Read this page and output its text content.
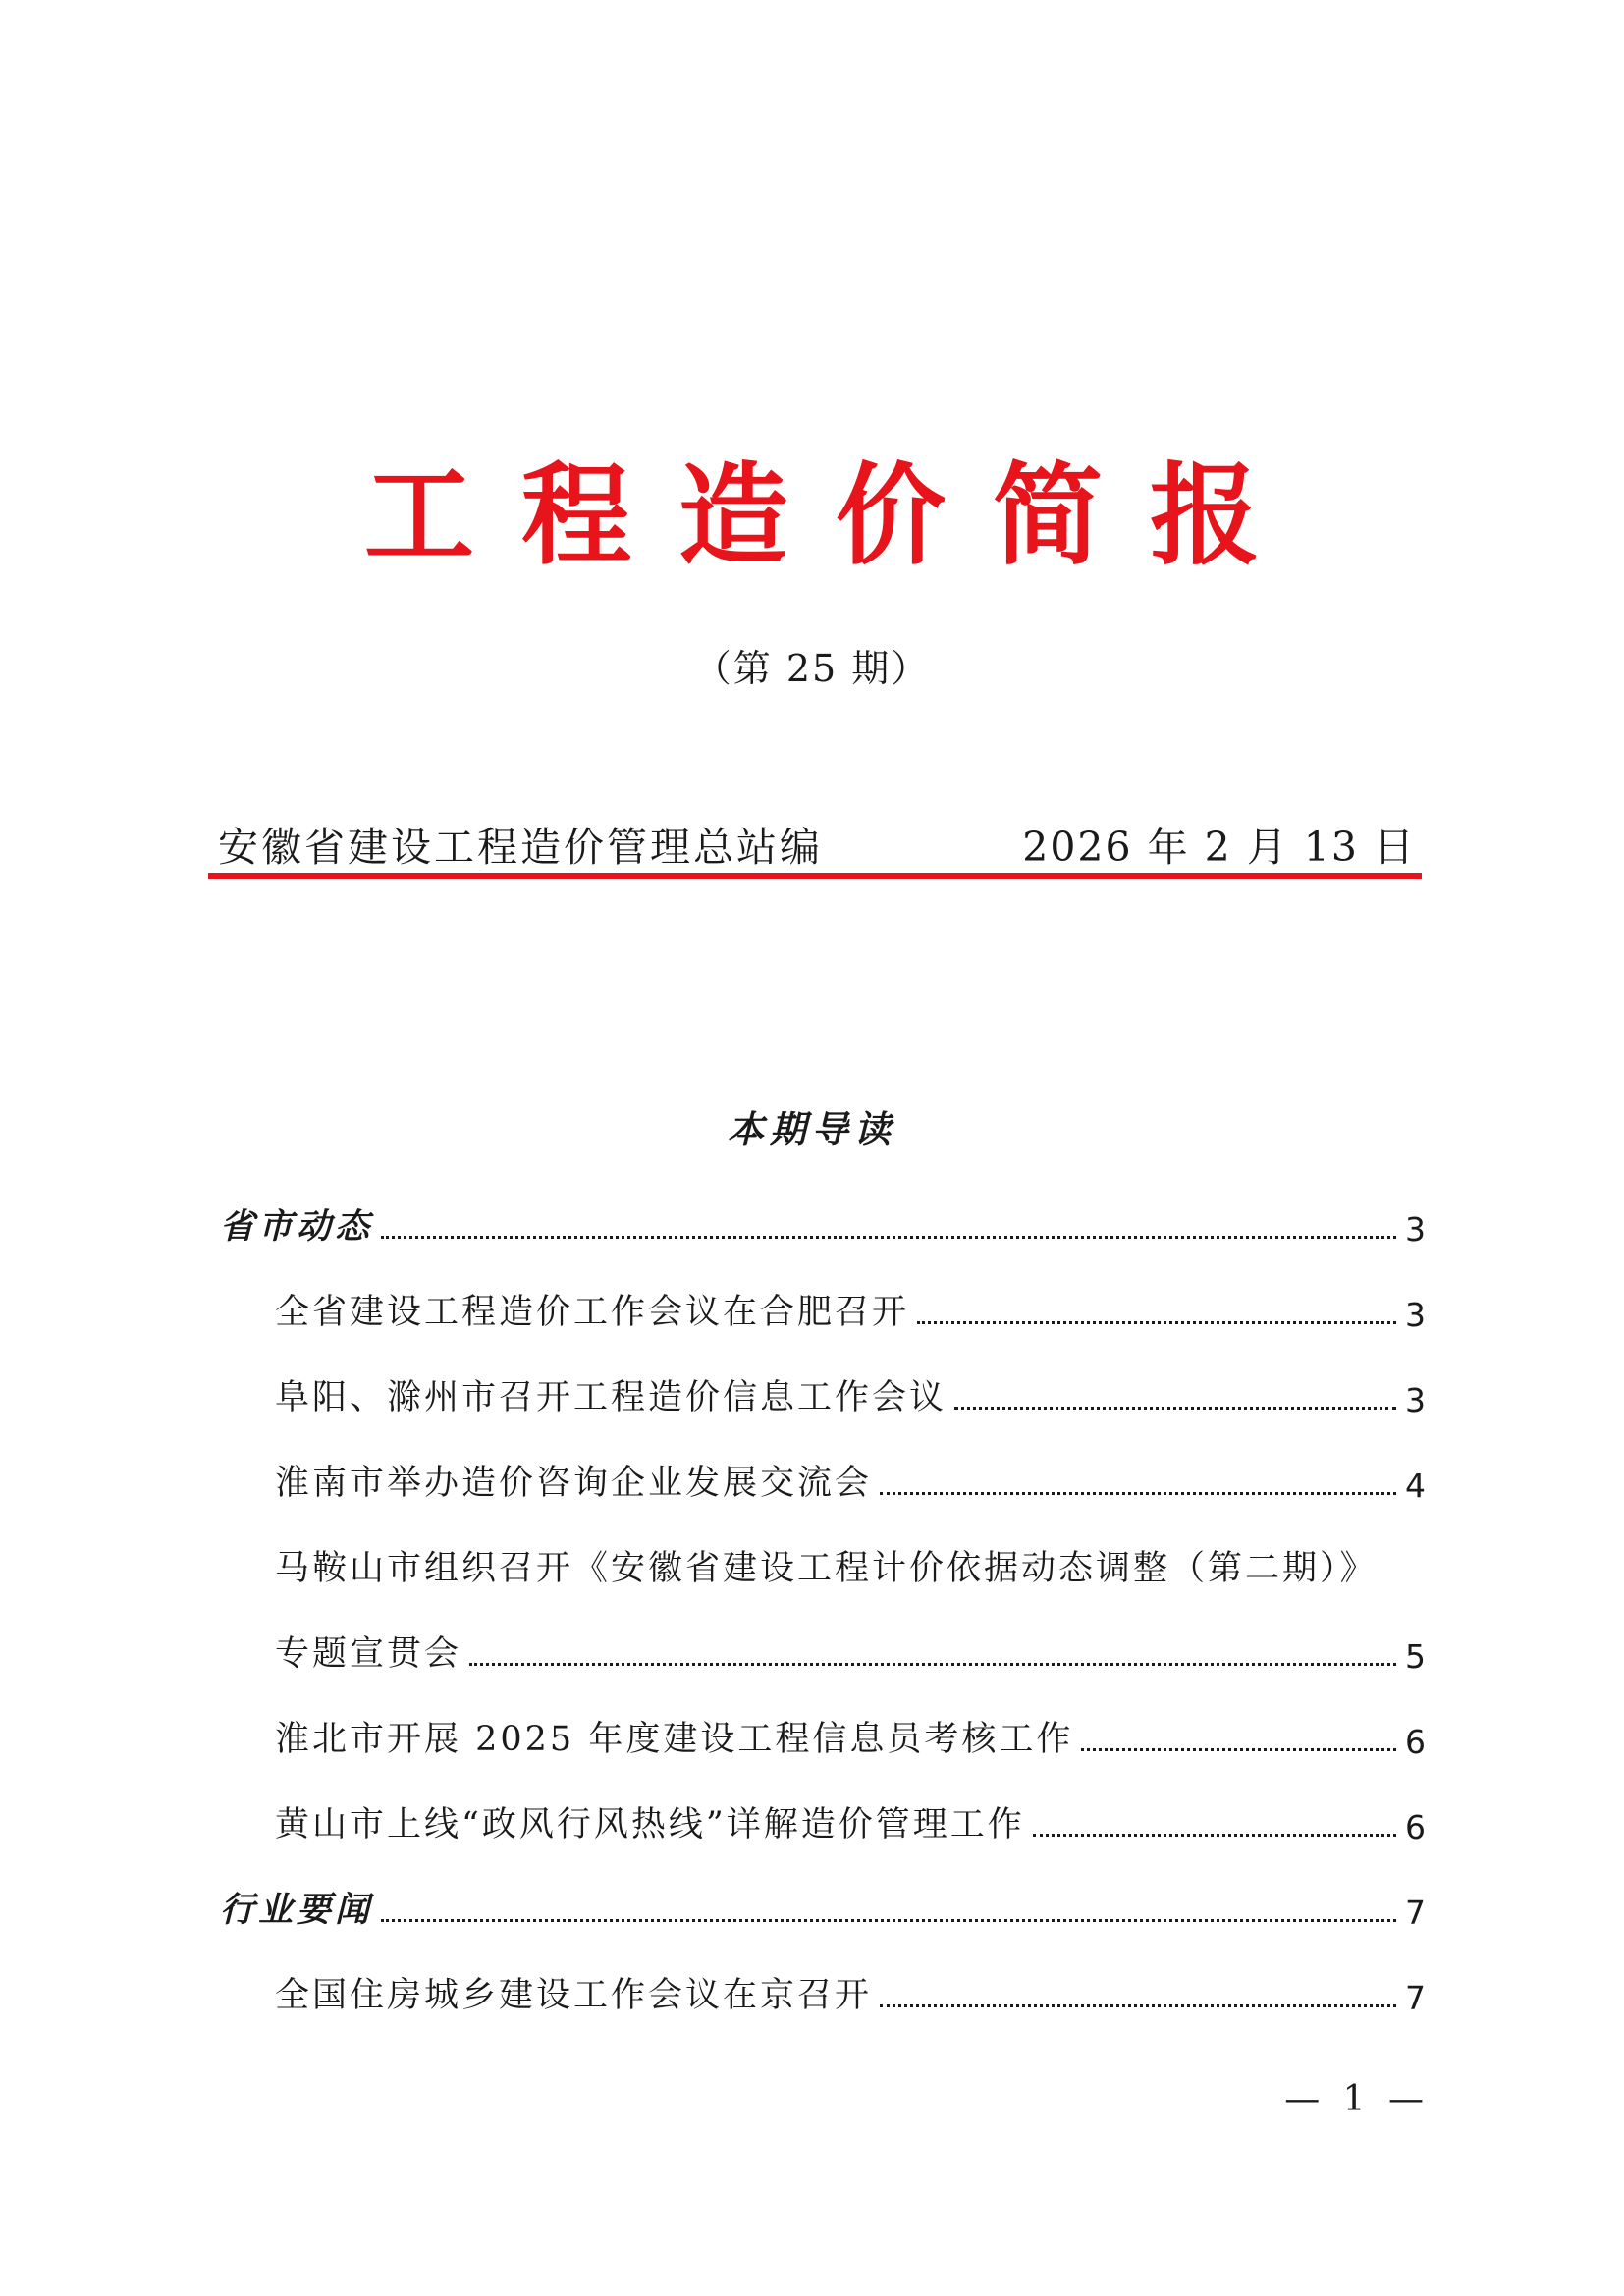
工程造价简报
（第 25 期）
安徽省建设工程造价管理总站编	2026 年 2 月 13 日
本期导读
省市动态	3
全省建设工程造价工作会议在合肥召开	3
阜阳、滁州市召开工程造价信息工作会议	3
淮南市举办造价咨询企业发展交流会	4
马鞍山市组织召开《安徽省建设工程计价依据动态调整（第二期）》
专题宣贯会	5
淮北市开展 2025 年度建设工程信息员考核工作	6
黄山市上线“政风行风热线”详解造价管理工作	6
行业要闻	7
全国住房城乡建设工作会议在京召开	7
— 1 —
